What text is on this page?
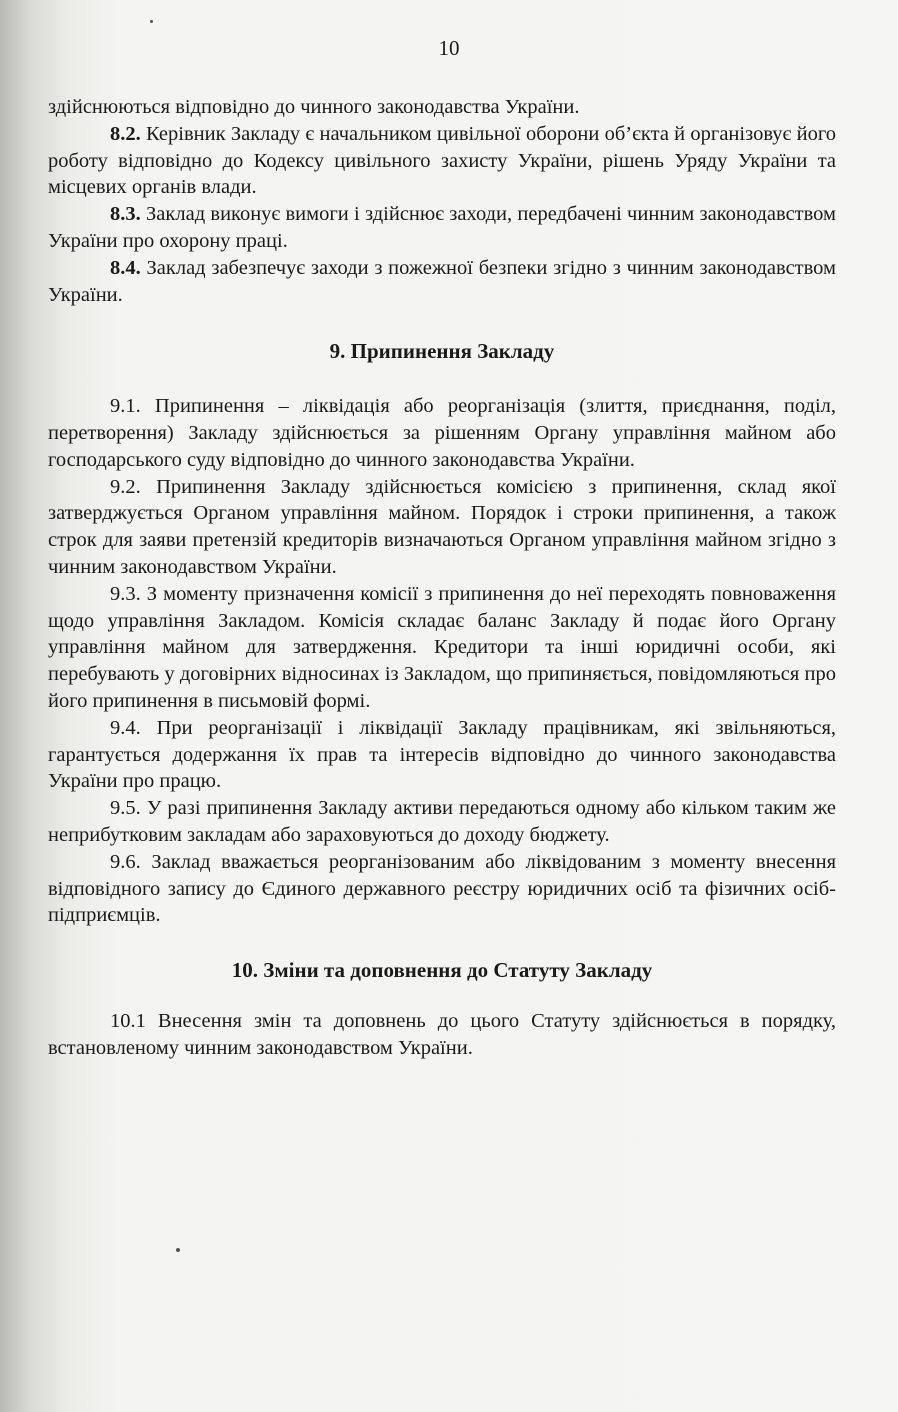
10

здійснюються відповідно до чинного законодавства України.

8.2. Керівник Закладу є начальником цивільної оборони об’єкта й організовує його роботу відповідно до Кодексу цивільного захисту України, рішень Уряду України та місцевих органів влади.

8.3. Заклад виконує вимоги і здійснює заходи, передбачені чинним законодавством України про охорону праці.

8.4. Заклад забезпечує заходи з пожежної безпеки згідно з чинним законодавством України.

9. Припинення Закладу

9.1. Припинення – ліквідація або реорганізація (злиття, приєднання, поділ, перетворення) Закладу здійснюється за рішенням Органу управління майном або господарського суду відповідно до чинного законодавства України.

9.2. Припинення Закладу здійснюється комісією з припинення, склад якої затверджується Органом управління майном. Порядок і строки припинення, а також строк для заяви претензій кредиторів визначаються Органом управління майном згідно з чинним законодавством України.

9.3. З моменту призначення комісії з припинення до неї переходять повноваження щодо управління Закладом. Комісія складає баланс Закладу й подає його Органу управління майном для затвердження. Кредитори та інші юридичні особи, які перебувають у договірних відносинах із Закладом, що припиняється, повідомляються про його припинення в письмовій формі.

9.4. При реорганізації і ліквідації Закладу працівникам, які звільняються, гарантується додержання їх прав та інтересів відповідно до чинного законодавства України про працю.

9.5. У разі припинення Закладу активи передаються одному або кільком таким же неприбутковим закладам або зараховуються до доходу бюджету.

9.6. Заклад вважається реорганізованим або ліквідованим з моменту внесення відповідного запису до Єдиного державного реєстру юридичних осіб та фізичних осіб-підприємців.

10. Зміни та доповнення до Статуту Закладу

10.1 Внесення змін та доповнень до цього Статуту здійснюється в порядку, встановленому чинним законодавством України.
